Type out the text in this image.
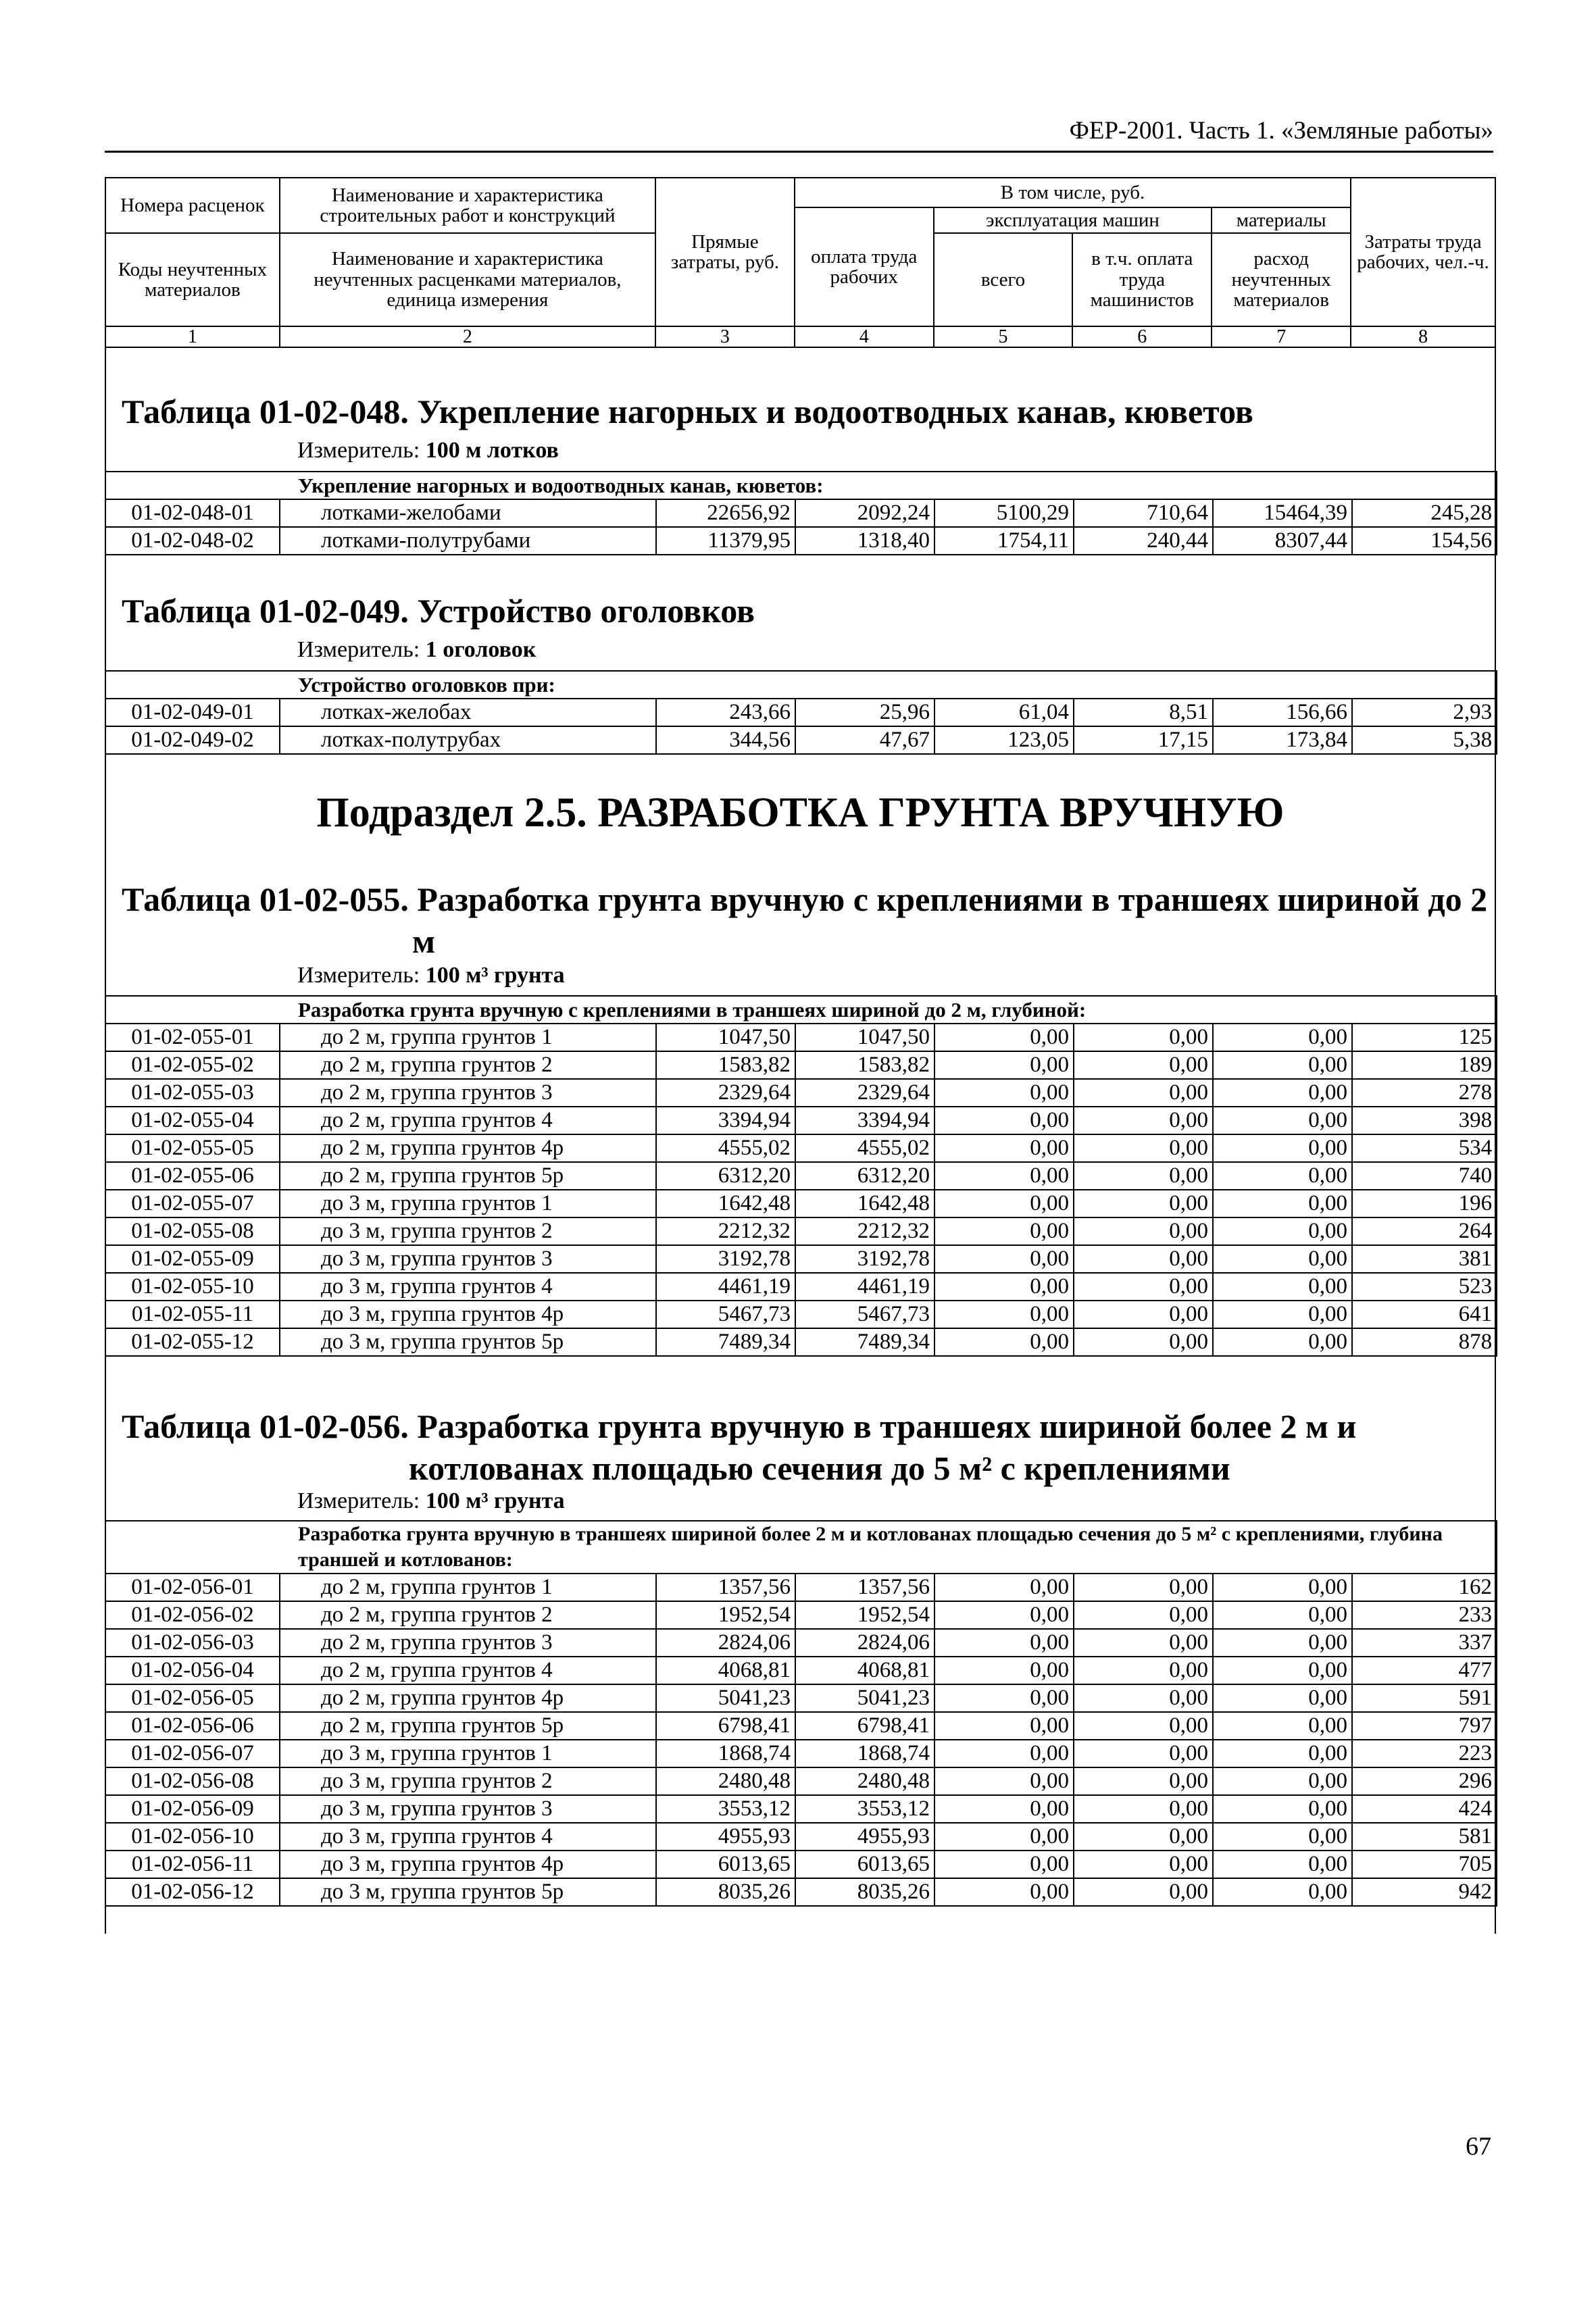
ФЕР-2001. Часть 1. «Земляные работы»
Номера расценок	Наименование и характеристика строительных работ и конструкций	Прямые затраты, руб.	В том числе, руб.				Затраты труда рабочих, чел.-ч.
			оплата труда рабочих	эксплуатация машин		материалы	
Коды неучтенных материалов	Наименование и характеристика неучтенных расценками материалов, единица измерения			всего	в т.ч. оплата труда машинистов	расход неучтенных материалов	

1	2	3	4	5	6	7	8
Таблица 01-02-048. Укрепление нагорных и водоотводных канав, кюветов
Измеритель: 100 м лотков
Укрепление нагорных и водоотводных канав, кюветов:							
01-02-048-01	лотками-желобами	22656,92	2092,24	5100,29	710,64	15464,39	245,28
01-02-048-02	лотками-полутрубами	11379,95	1318,40	1754,11	240,44	8307,44	154,56
Таблица 01-02-049. Устройство оголовков
Измеритель: 1 оголовок
Устройство оголовков при:							
01-02-049-01	лотках-желобах	243,66	25,96	61,04	8,51	156,66	2,93
01-02-049-02	лотках-полутрубах	344,56	47,67	123,05	17,15	173,84	5,38
Подраздел 2.5. РАЗРАБОТКА ГРУНТА ВРУЧНУЮ
Таблица 01-02-055. Разработка грунта вручную с креплениями в траншеях шириной до 2
м
Измеритель: 100 м³ грунта
Разработка грунта вручную с креплениями в траншеях шириной до 2 м, глубиной:							
01-02-055-01	до 2 м, группа грунтов 1	1047,50	1047,50	0,00	0,00	0,00	125
01-02-055-02	до 2 м, группа грунтов 2	1583,82	1583,82	0,00	0,00	0,00	189
01-02-055-03	до 2 м, группа грунтов 3	2329,64	2329,64	0,00	0,00	0,00	278
01-02-055-04	до 2 м, группа грунтов 4	3394,94	3394,94	0,00	0,00	0,00	398
01-02-055-05	до 2 м, группа грунтов 4р	4555,02	4555,02	0,00	0,00	0,00	534
01-02-055-06	до 2 м, группа грунтов 5р	6312,20	6312,20	0,00	0,00	0,00	740
01-02-055-07	до 3 м, группа грунтов 1	1642,48	1642,48	0,00	0,00	0,00	196
01-02-055-08	до 3 м, группа грунтов 2	2212,32	2212,32	0,00	0,00	0,00	264
01-02-055-09	до 3 м, группа грунтов 3	3192,78	3192,78	0,00	0,00	0,00	381
01-02-055-10	до 3 м, группа грунтов 4	4461,19	4461,19	0,00	0,00	0,00	523
01-02-055-11	до 3 м, группа грунтов 4р	5467,73	5467,73	0,00	0,00	0,00	641
01-02-055-12	до 3 м, группа грунтов 5р	7489,34	7489,34	0,00	0,00	0,00	878
Таблица 01-02-056. Разработка грунта вручную в траншеях шириной более 2 м и
котлованах площадью сечения до 5 м² с креплениями
Измеритель: 100 м³ грунта
Разработка грунта вручную в траншеях шириной более 2 м и котлованах площадью сечения до 5 м² с креплениями, глубина траншей и котлованов:							
01-02-056-01	до 2 м, группа грунтов 1	1357,56	1357,56	0,00	0,00	0,00	162
01-02-056-02	до 2 м, группа грунтов 2	1952,54	1952,54	0,00	0,00	0,00	233
01-02-056-03	до 2 м, группа грунтов 3	2824,06	2824,06	0,00	0,00	0,00	337
01-02-056-04	до 2 м, группа грунтов 4	4068,81	4068,81	0,00	0,00	0,00	477
01-02-056-05	до 2 м, группа грунтов 4р	5041,23	5041,23	0,00	0,00	0,00	591
01-02-056-06	до 2 м, группа грунтов 5р	6798,41	6798,41	0,00	0,00	0,00	797
01-02-056-07	до 3 м, группа грунтов 1	1868,74	1868,74	0,00	0,00	0,00	223
01-02-056-08	до 3 м, группа грунтов 2	2480,48	2480,48	0,00	0,00	0,00	296
01-02-056-09	до 3 м, группа грунтов 3	3553,12	3553,12	0,00	0,00	0,00	424
01-02-056-10	до 3 м, группа грунтов 4	4955,93	4955,93	0,00	0,00	0,00	581
01-02-056-11	до 3 м, группа грунтов 4р	6013,65	6013,65	0,00	0,00	0,00	705
01-02-056-12	до 3 м, группа грунтов 5р	8035,26	8035,26	0,00	0,00	0,00	942
67
